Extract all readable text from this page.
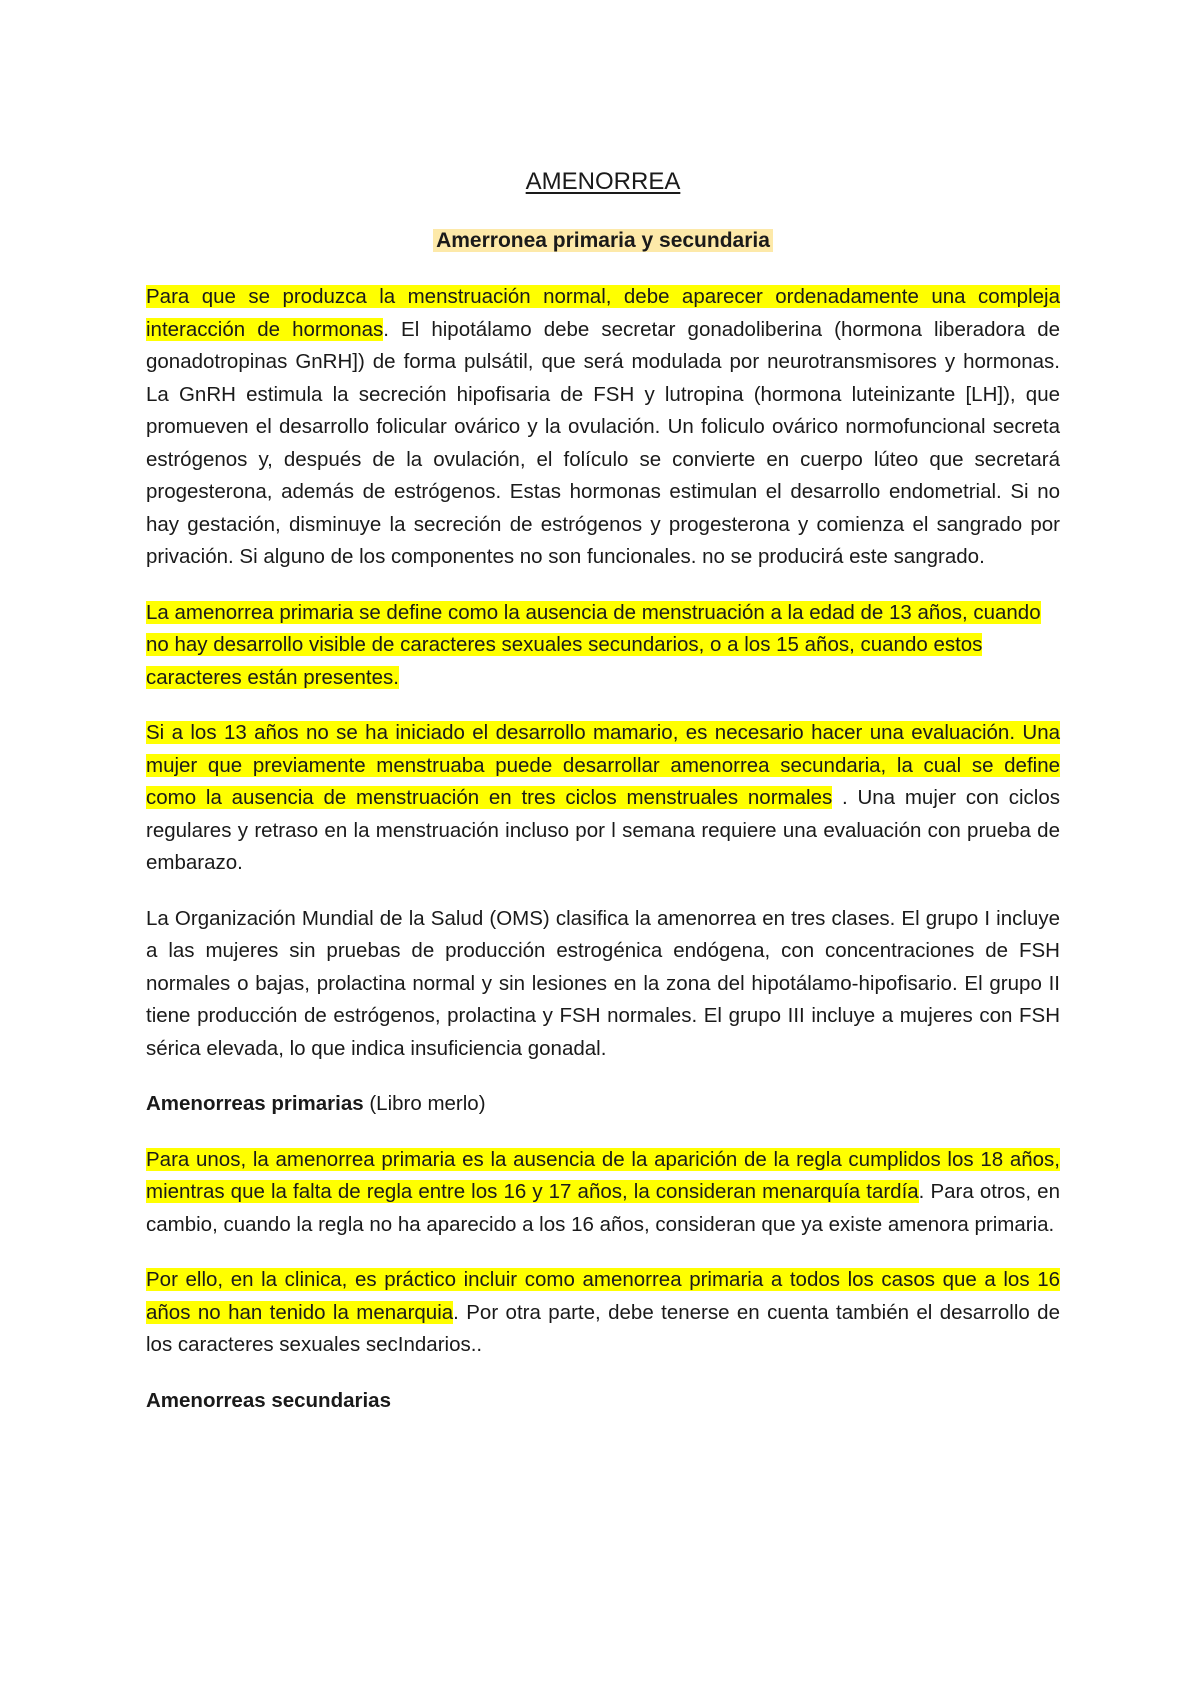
AMENORREA
Amerronea primaria y secundaria

Para que se produzca la menstruación normal, debe aparecer ordenadamente una compleja interacción de hormonas. El hipotálamo debe secretar gonadoliberina (hormona liberadora de gonadotropinas GnRH]) de forma pulsátil, que será modulada por neurotransmisores y hormonas. La GnRH estimula la secreción hipofisaria de FSH y lutropina (hormona luteinizante [LH]), que promueven el desarrollo folicular ovárico y la ovulación. Un foliculo ovárico normofuncional secreta estrógenos y, después de la ovulación, el folículo se convierte en cuerpo lúteo que secretará progesterona, además de estrógenos. Estas hormonas estimulan el desarrollo endometrial. Si no hay gestación, disminuye la secreción de estrógenos y progesterona y comienza el sangrado por privación. Si alguno de los componentes no son funcionales. no se producirá este sangrado.

La amenorrea primaria se define como la ausencia de menstruación a la edad de 13 años, cuando no hay desarrollo visible de caracteres sexuales secundarios, o a los 15 años, cuando estos caracteres están presentes.

Si a los 13 años no se ha iniciado el desarrollo mamario, es necesario hacer una evaluación. Una mujer que previamente menstruaba puede desarrollar amenorrea secundaria, la cual se define como la ausencia de menstruación en tres ciclos menstruales normales . Una mujer con ciclos regulares y retraso en la menstruación incluso por l semana requiere una evaluación con prueba de embarazo.

La Organización Mundial de la Salud (OMS) clasifica la amenorrea en tres clases. El grupo I incluye a las mujeres sin pruebas de producción estrogénica endógena, con concentraciones de FSH normales o bajas, prolactina normal y sin lesiones en la zona del hipotálamo-hipofisario. El grupo II tiene producción de estrógenos, prolactina y FSH normales. El grupo III incluye a mujeres con FSH sérica elevada, lo que indica insuficiencia gonadal.

Amenorreas primarias (Libro merlo)

Para unos, la amenorrea primaria es la ausencia de la aparición de la regla cumplidos los 18 años, mientras que la falta de regla entre los 16 y 17 años, la consideran menarquía tardía. Para otros, en cambio, cuando la regla no ha aparecido a los 16 años, consideran que ya existe amenora primaria.

Por ello, en la clinica, es práctico incluir como amenorrea primaria a todos los casos que a los 16 años no han tenido la menarquia. Por otra parte, debe tenerse en cuenta también el desarrollo de los caracteres sexuales secIndarios..

Amenorreas secundarias
